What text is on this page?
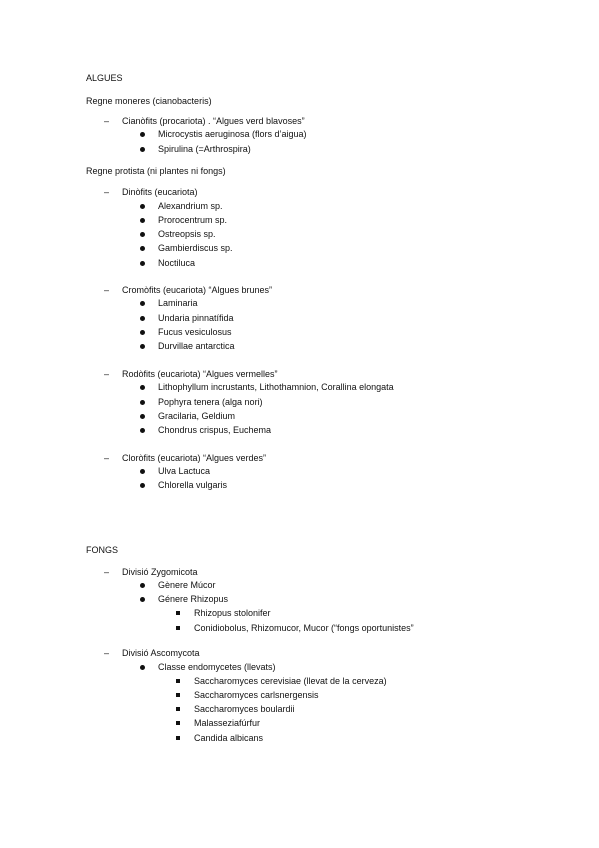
ALGUES
Regne moneres (cianobacteris)
–
Cianòfits (procariota) . “Algues verd blavoses”
Microcystis aeruginosa (flors d’aigua)
Spirulina (=Arthrospira)
Regne protista (ni plantes ni fongs)
–
Dinòfits (eucariota)
Alexandrium sp.
Prorocentrum sp.
Ostreopsis sp.
Gambierdiscus sp.
Noctiluca
–
Cromòfits (eucariota) “Algues brunes”
Laminaria
Undaria pinnatífida
Fucus vesiculosus
Durvillae antarctica
–
Rodòfits (eucariota) “Algues vermelles”
Lithophyllum incrustants, Lithothamnion, Corallina elongata
Pophyra tenera (alga nori)
Gracilaria, Geldium
Chondrus crispus, Euchema
–
Cloròfits (eucariota) “Algues verdes”
Ulva Lactuca
Chlorella vulgaris
FONGS
–
Divisió Zygomicota
Gènere Múcor
Génere Rhizopus
Rhizopus stolonifer
Conidiobolus, Rhizomucor, Mucor (“fongs oportunistes”
–
Divisió Ascomycota
Classe endomycetes (llevats)
Saccharomyces cerevisiae (llevat de la cerveza)
Saccharomyces carlsnergensis
Saccharomyces boulardii
Malasseziafúrfur
Candida albicans
